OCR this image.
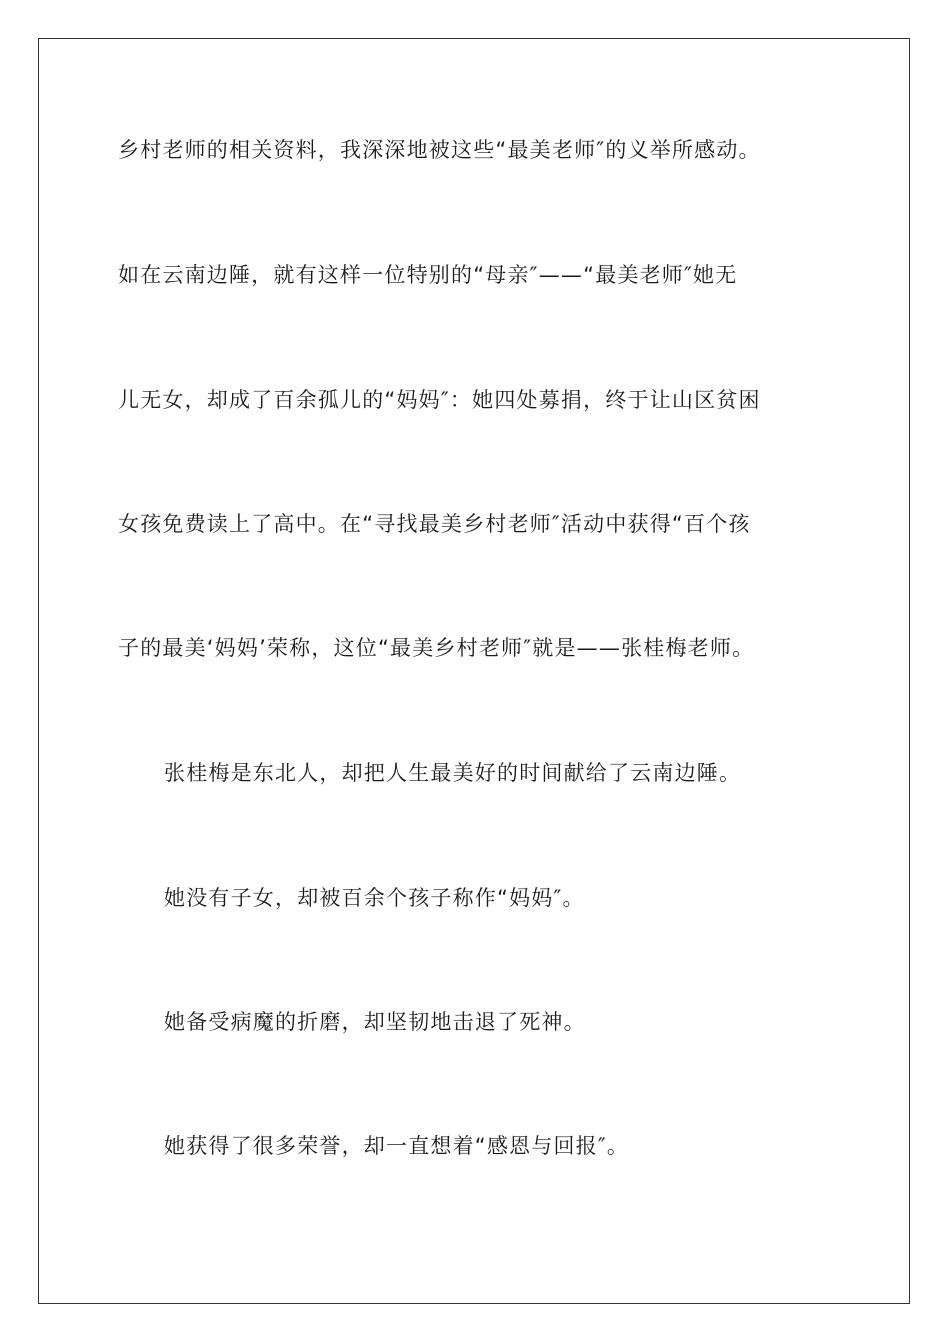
乡村老师的相关资料，我深深地被这些“最美老师″的义举所感动。
如在云南边陲，就有这样一位特别的“母亲″——“最美老师″她无
儿无女，却成了百余孤儿的“妈妈″：她四处募捐，终于让山区贫困
女孩免费读上了高中。在“寻找最美乡村老师″活动中获得“百个孩
子的最美‘妈妈’荣称，这位“最美乡村老师″就是——张桂梅老师。
张桂梅是东北人，却把人生最美好的时间献给了云南边陲。
她没有子女，却被百余个孩子称作“妈妈″。
她备受病魔的折磨，却坚韧地击退了死神。
她获得了很多荣誉，却一直想着“感恩与回报″。
